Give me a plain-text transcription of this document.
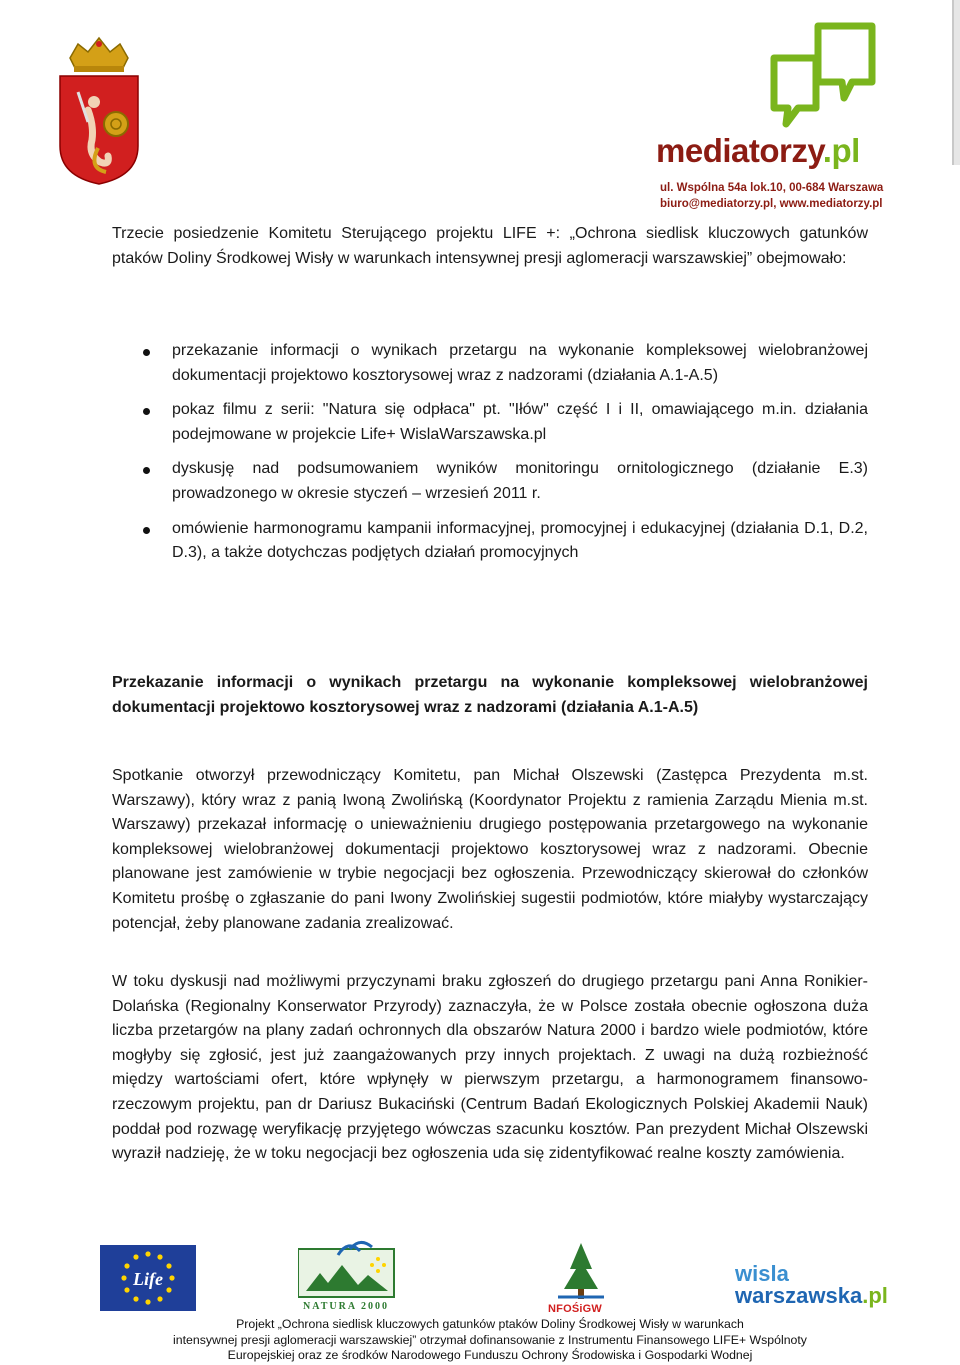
mediatorzy.pl
ul. Wspólna 54a lok.10, 00-684 Warszawa
biuro@mediatorzy.pl, www.mediatorzy.pl
Trzecie posiedzenie Komitetu Sterującego projektu LIFE +: „Ochrona siedlisk kluczowych gatunków ptaków Doliny Środkowej Wisły w warunkach intensywnej presji aglomeracji warszawskiej” obejmowało:
przekazanie informacji o wynikach przetargu na wykonanie kompleksowej wielobranżowej dokumentacji projektowo kosztorysowej wraz z nadzorami (działania A.1-A.5)
pokaz filmu z serii: "Natura się odpłaca" pt. "Iłów" część I i II, omawiającego m.in. działania podejmowane w projekcie Life+ WislaWarszawska.pl
dyskusję nad podsumowaniem wyników monitoringu ornitologicznego (działanie E.3) prowadzonego w okresie styczeń – wrzesień 2011 r.
omówienie harmonogramu kampanii informacyjnej, promocyjnej i edukacyjnej (działania D.1, D.2, D.3), a także dotychczas podjętych działań promocyjnych
Przekazanie informacji o wynikach przetargu na wykonanie kompleksowej wielobranżowej dokumentacji projektowo kosztorysowej wraz z nadzorami (działania A.1-A.5)
Spotkanie otworzył przewodniczący Komitetu, pan Michał Olszewski (Zastępca Prezydenta m.st. Warszawy), który wraz z panią Iwoną Zwolińską (Koordynator Projektu z ramienia Zarządu Mienia m.st. Warszawy) przekazał informację o unieważnieniu drugiego postępowania przetargowego na wykonanie kompleksowej wielobranżowej dokumentacji projektowo kosztorysowej wraz z nadzorami. Obecnie planowane jest zamówienie w trybie negocjacji bez ogłoszenia. Przewodniczący skierował do członków Komitetu prośbę o zgłaszanie do pani Iwony Zwolińskiej sugestii podmiotów, które miałyby wystarczający potencjał, żeby planowane zadania zrealizować.
W toku dyskusji nad możliwymi przyczynami braku zgłoszeń do drugiego przetargu pani Anna Ronikier-Dolańska (Regionalny Konserwator Przyrody) zaznaczyła, że w Polsce została obecnie ogłoszona duża liczba przetargów na plany zadań ochronnych dla obszarów Natura 2000 i bardzo wiele podmiotów, które mogłyby się zgłosić, jest już zaangażowanych przy innych projektach. Z uwagi na dużą rozbieżność między wartościami ofert, które wpłynęły w pierwszym przetargu, a harmonogramem finansowo-rzeczowym projektu, pan dr Dariusz Bukaciński (Centrum Badań Ekologicznych Polskiej Akademii Nauk) poddał pod rozwagę weryfikację przyjętego wówczas szacunku kosztów. Pan prezydent Michał Olszewski wyraził nadzieję, że w toku negocjacji bez ogłoszenia uda się zidentyfikować realne koszty zamówienia.
Life
NATURA 2000	NFOŚiGW
wisla
warszawska.pl
Projekt „Ochrona siedlisk kluczowych gatunków ptaków Doliny Środkowej Wisły w warunkach
intensywnej presji aglomeracji warszawskiej” otrzymał dofinansowanie z Instrumentu Finansowego LIFE+ Wspólnoty
Europejskiej oraz ze środków Narodowego Funduszu Ochrony Środowiska i Gospodarki Wodnej
